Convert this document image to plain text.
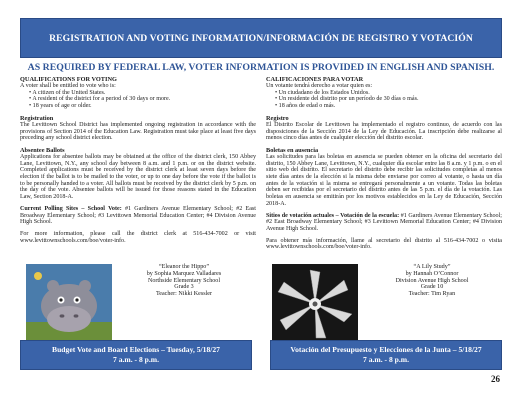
REGISTRATION AND VOTING INFORMATION/INFORMACIÓN DE REGISTRO Y VOTACIÓN
AS REQUIRED BY FEDERAL LAW, VOTER INFORMATION IS PROVIDED IN ENGLISH AND SPANISH.
QUALIFICATIONS FOR VOTING

A voter shall be entitled to vote who is:

• A citizen of the United States.
• A resident of the district for a period of 30 days or more.
• 18 years of age or older.
Registration

The Levittown School District has implemented ongoing registration in accordance with the provisions of Section 2014 of the Education Law. Registration must take place at least five days preceding any school district election.

Absentee Ballots

Applications for absentee ballots may be obtained at the office of the district clerk, 150 Abbey Lane, Levittown, N.Y., any school day between 8 a.m. and 1 p.m. or on the district website. Completed applications must be received by the district clerk at least seven days before the election if the ballot is to be mailed to the voter, or up to one day before the vote if the ballot is to be personally handed to a voter. All ballots must be received by the district clerk by 5 p.m. on the day of the vote. Absentee ballots will be issued for those reasons stated in the Education Law, Section 2018-A.

Current Polling Sites – School Vote: #1 Gardiners Avenue Elementary School; #2 East Broadway Elementary School; #3 Levittown Memorial Education Center; #4 Division Avenue High School.

For more information, please call the district clerk at 516-434-7002 or visit www.levittownschools.com/boe/voter-info.

CALIFICACIONES PARA VOTAR

Un votante tendrá derecho a votar quien es:

• Un ciudadano de los Estados Unidos.
• Un residente del distrito por un período de 30 días o más.
• 18 años de edad o más.
Registro

El Distrito Escolar de Levittown ha implementado el registro continuo, de acuerdo con las disposiciones de la Sección 2014 de la Ley de Educación. La inscripción debe realizarse al menos cinco días antes de cualquier elección del distrito escolar.

Boletas en ausencia

Las solicitudes para las boletas en ausencia se pueden obtener en la oficina del secretario del distrito, 150 Abbey Lane, Levittown, N.Y., cualquier día escolar entre las 8 a.m. y 1 p.m. o en el sitio web del distrito. El secretario del distrito debe recibir las solicitudes completas al menos siete días antes de la elección si la misma debe enviarse por correo al votante, o hasta un día antes de la votación si la misma se entregará personalmente a un votante. Todas las boletas deben ser recibidas por el secretario del distrito antes de las 5 p.m. el día de la votación. Las boletas en ausencia se emitirán por los motivos establecidos en la Ley de Educación, Sección 2018-A.

Sitios de votación actuales – Votación de la escuela: #1 Gardiners Avenue Elementary School; #2 East Broadway Elementary School; #3 Levittown Memorial Education Center; #4 Division Avenue High School.

Para obtener más información, llame al secretario del distrito al 516-434-7002 o visita www.levittownschools.com/boe/voter-info.

“Eleanor the Hippo”
by Sophia Marquez Valladares
Northside Elementary School
Grade 3
Teacher: Nikki Kessler
“A Lily Study”
by Hannah O’Connor
Division Avenue High School
Grade 10
Teacher: Tim Ryan
Budget Vote and Board Elections – Tuesday, 5/18/27
7 a.m. - 8 p.m.
Votación del Presupuesto y Elecciones de la Junta – 5/18/27
7 a.m. - 8 p.m.
26
